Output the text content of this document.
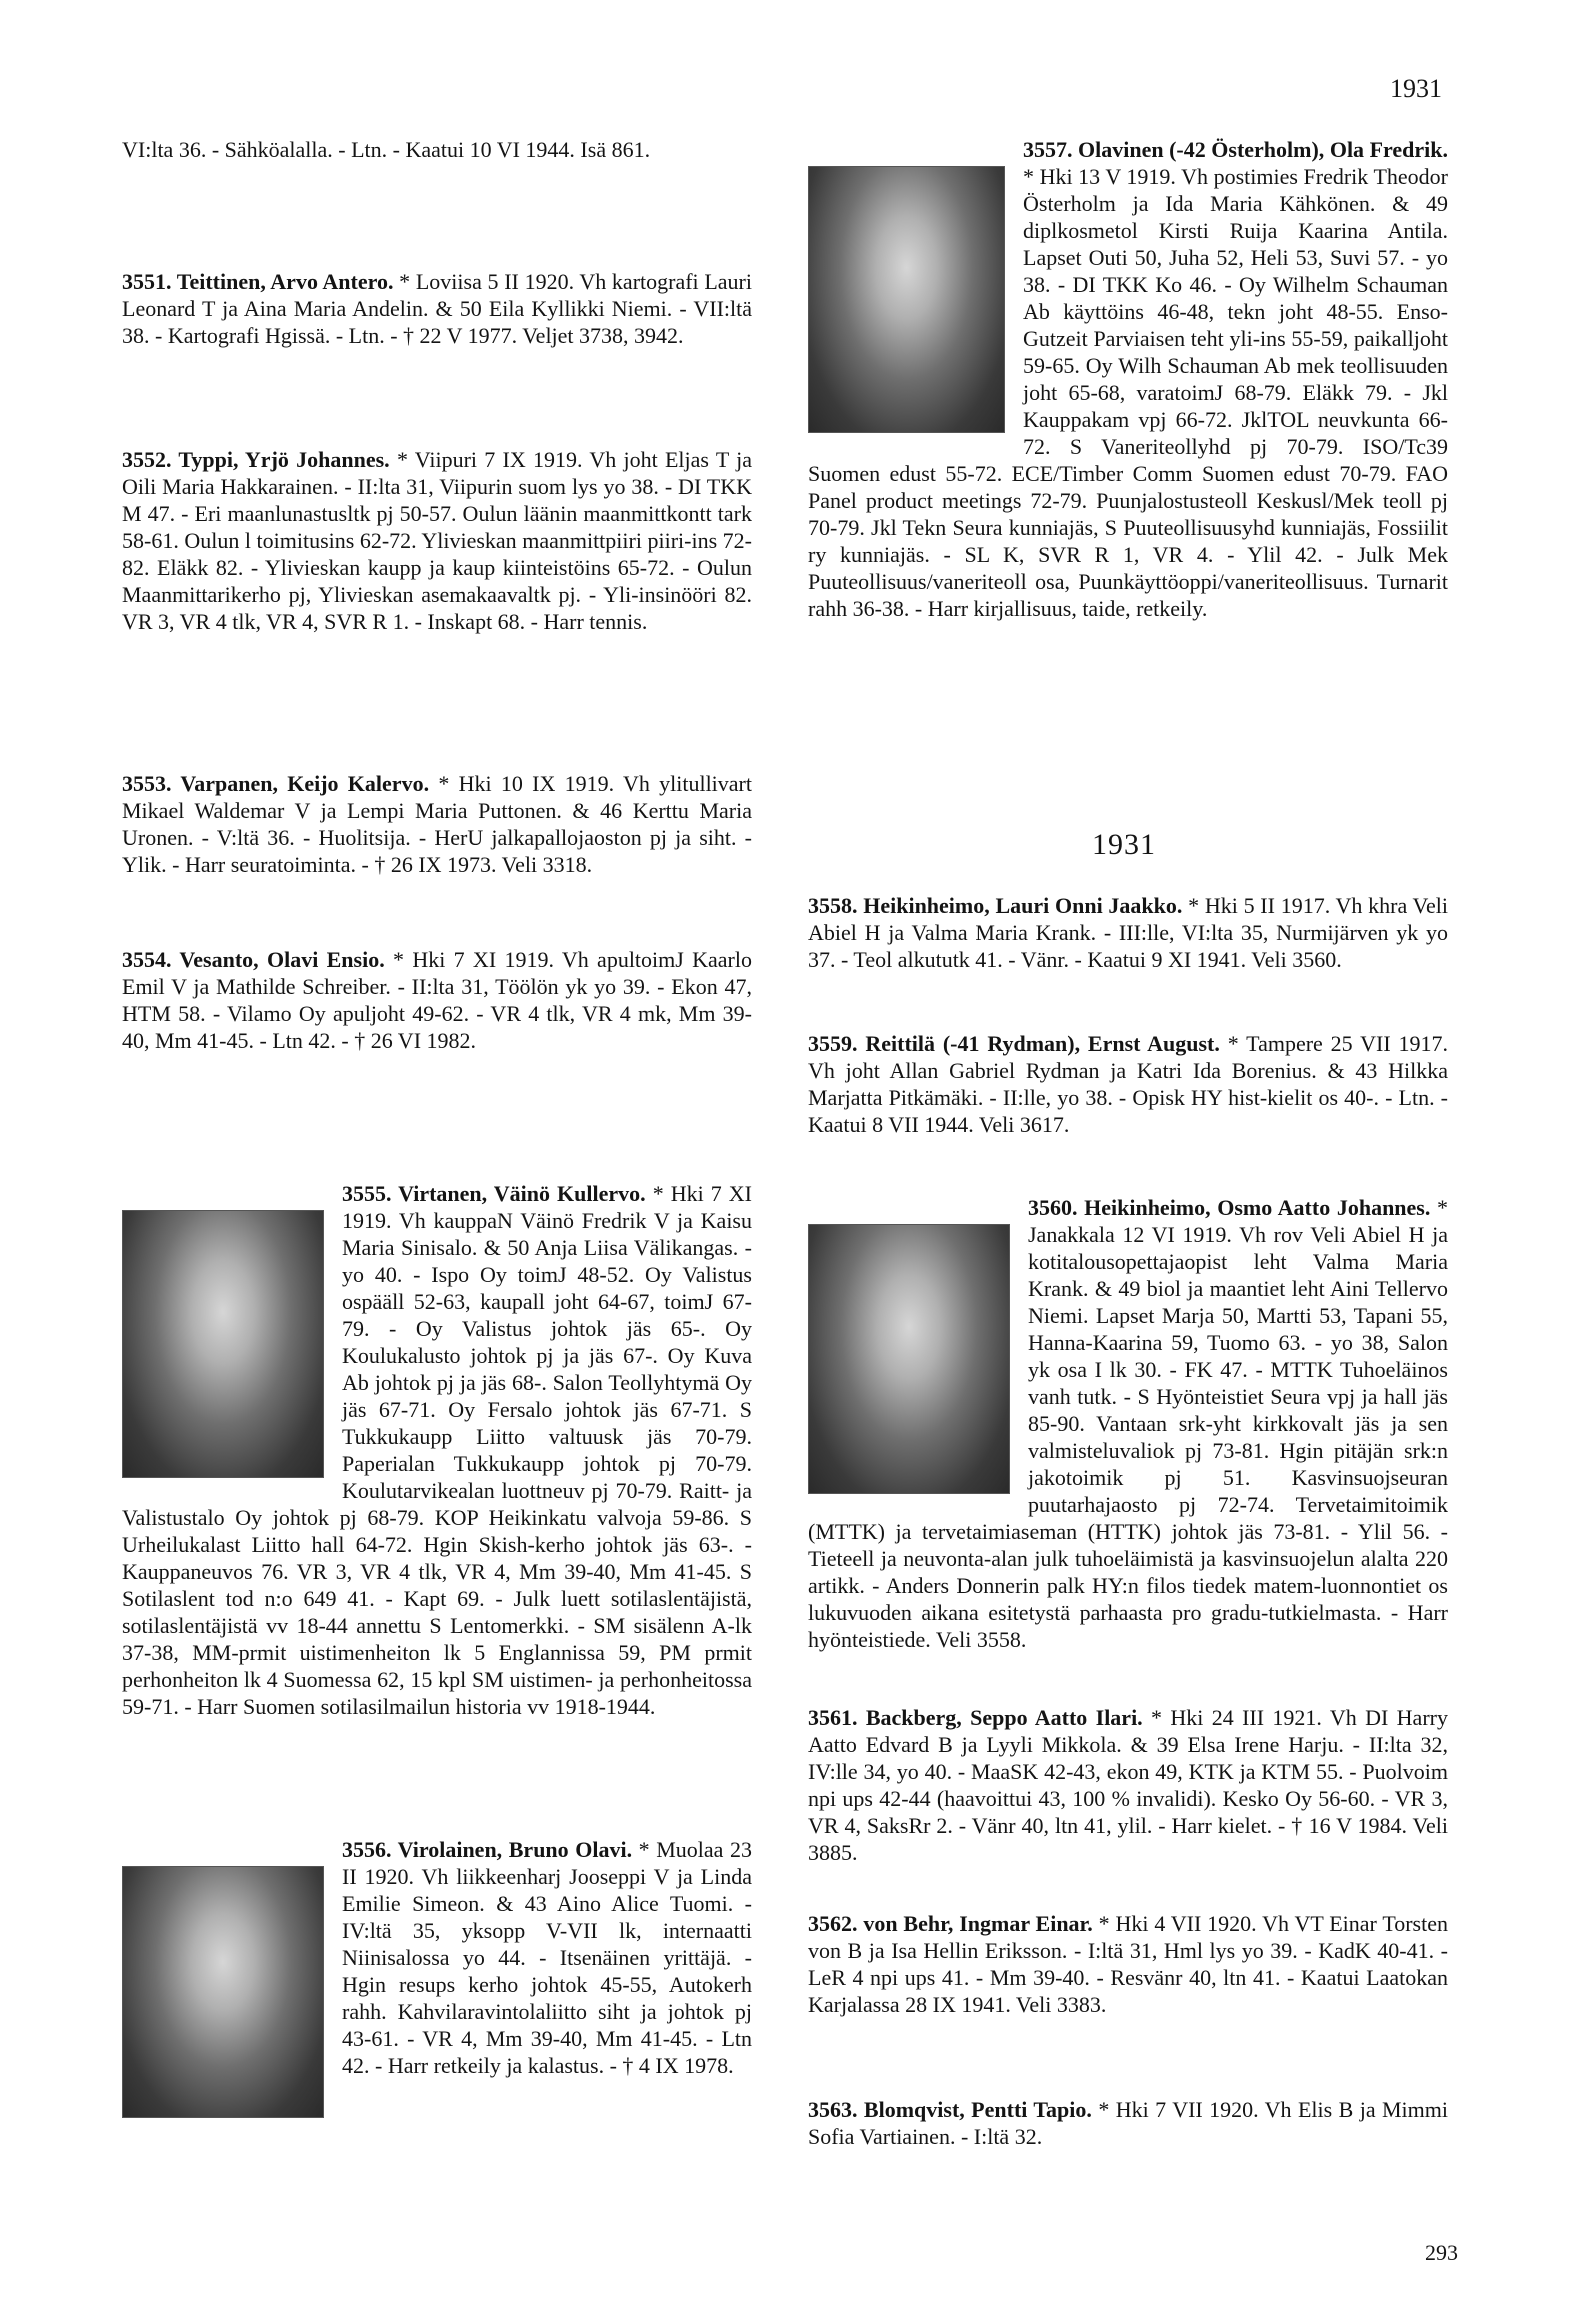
1931

VI:lta 36. - Sähköalalla. - Ltn. - Kaatui 10 VI 1944. Isä 861.

3551. Teittinen, Arvo Antero. * Loviisa 5 II 1920. Vh kartografi Lauri Leonard T ja Aina Maria Andelin. & 50 Eila Kyllikki Niemi. - VII:ltä 38. - Kartografi Hgissä. - Ltn. - † 22 V 1977. Veljet 3738, 3942.

3552. Typpi, Yrjö Johannes. * Viipuri 7 IX 1919. Vh joht Eljas T ja Oili Maria Hakkarainen. - II:lta 31, Viipurin suom lys yo 38. - DI TKK M 47. - Eri maanlunastusltk pj 50-57. Oulun läänin maanmittkontt tark 58-61. Oulun l toimitusins 62-72. Ylivieskan maanmittpiiri piiri-ins 72-82. Eläkk 82. - Ylivieskan kaupp ja kaup kiinteistöins 65-72. - Oulun Maanmittarikerho pj, Ylivieskan asemakaavaltk pj. - Yli-insinööri 82. VR 3, VR 4 tlk, VR 4, SVR R 1. - Inskapt 68. - Harr tennis.

3553. Varpanen, Keijo Kalervo. * Hki 10 IX 1919. Vh ylitullivart Mikael Waldemar V ja Lempi Maria Puttonen. & 46 Kerttu Maria Uronen. - V:ltä 36. - Huolitsija. - HerU jalkapallojaoston pj ja siht. - Ylik. - Harr seuratoiminta. - † 26 IX 1973. Veli 3318.

3554. Vesanto, Olavi Ensio. * Hki 7 XI 1919. Vh apultoimJ Kaarlo Emil V ja Mathilde Schreiber. - II:lta 31, Töölön yk yo 39. - Ekon 47, HTM 58. - Vilamo Oy apuljoht 49-62. - VR 4 tlk, VR 4 mk, Mm 39-40, Mm 41-45. - Ltn 42. - † 26 VI 1982.

3555. Virtanen, Väinö Kullervo. * Hki 7 XI 1919. Vh kauppaN Väinö Fredrik V ja Kaisu Maria Sinisalo. & 50 Anja Liisa Välikangas. - yo 40. - Ispo Oy toimJ 48-52. Oy Valistus ospääll 52-63, kaupall joht 64-67, toimJ 67-79. - Oy Valistus johtok jäs 65-. Oy Koulukalusto johtok pj ja jäs 67-. Oy Kuva Ab johtok pj ja jäs 68-. Salon Teollyhtymä Oy jäs 67-71. Oy Fersalo johtok jäs 67-71. S Tukkukaupp Liitto valtuusk jäs 70-79. Paperialan Tukkukaupp johtok pj 70-79. Koulutarvikealan luottneuv pj 70-79. Raitt- ja Valistustalo Oy johtok pj 68-79. KOP Heikinkatu valvoja 59-86. S Urheilukalast Liitto hall 64-72. Hgin Skish-kerho johtok jäs 63-. - Kauppaneuvos 76. VR 3, VR 4 tlk, VR 4, Mm 39-40, Mm 41-45. S Sotilaslent tod n:o 649 41. - Kapt 69. - Julk luett sotilaslentäjistä, sotilaslentäjistä vv 18-44 annettu S Lentomerkki. - SM sisälenn A-lk 37-38, MM-prmit uistimenheiton lk 5 Englannissa 59, PM prmit perhonheiton lk 4 Suomessa 62, 15 kpl SM uistimen- ja perhonheitossa 59-71. - Harr Suomen sotilasilmailun historia vv 1918-1944.

3556. Virolainen, Bruno Olavi. * Muolaa 23 II 1920. Vh liikkeenharj Jooseppi V ja Linda Emilie Simeon. & 43 Aino Alice Tuomi. - IV:ltä 35, yksopp V-VII lk, internaatti Niinisalossa yo 44. - Itsenäinen yrittäjä. - Hgin resups kerho johtok 45-55, Autokerh rahh. Kahvilaravintolaliitto siht ja johtok pj 43-61. - VR 4, Mm 39-40, Mm 41-45. - Ltn 42. - Harr retkeily ja kalastus. - † 4 IX 1978.

3557. Olavinen (-42 Österholm), Ola Fredrik. * Hki 13 V 1919. Vh postimies Fredrik Theodor Österholm ja Ida Maria Kähkönen. & 49 diplkosmetol Kirsti Ruija Kaarina Antila. Lapset Outi 50, Juha 52, Heli 53, Suvi 57. - yo 38. - DI TKK Ko 46. - Oy Wilhelm Schauman Ab käyttöins 46-48, tekn joht 48-55. Enso-Gutzeit Parviaisen teht yli-ins 55-59, paikalljoht 59-65. Oy Wilh Schauman Ab mek teollisuuden joht 65-68, varatoimJ 68-79. Eläkk 79. - Jkl Kauppakam vpj 66-72. JklTOL neuvkunta 66-72. S Vaneriteollyhd pj 70-79. ISO/Tc39 Suomen edust 55-72. ECE/Timber Comm Suomen edust 70-79. FAO Panel product meetings 72-79. Puunjalostusteoll Keskusl/Mek teoll pj 70-79. Jkl Tekn Seura kunniajäs, S Puuteollisuusyhd kunniajäs, Fossiilit ry kunniajäs. - SL K, SVR R 1, VR 4. - Ylil 42. - Julk Mek Puuteollisuus/vaneriteoll osa, Puunkäyttöoppi/vaneriteollisuus. Turnarit rahh 36-38. - Harr kirjallisuus, taide, retkeily.

1931

3558. Heikinheimo, Lauri Onni Jaakko. * Hki 5 II 1917. Vh khra Veli Abiel H ja Valma Maria Krank. - III:lle, VI:lta 35, Nurmijärven yk yo 37. - Teol alkututk 41. - Vänr. - Kaatui 9 XI 1941. Veli 3560.

3559. Reittilä (-41 Rydman), Ernst August. * Tampere 25 VII 1917. Vh joht Allan Gabriel Rydman ja Katri Ida Borenius. & 43 Hilkka Marjatta Pitkämäki. - II:lle, yo 38. - Opisk HY hist-kielit os 40-. - Ltn. - Kaatui 8 VII 1944. Veli 3617.

3560. Heikinheimo, Osmo Aatto Johannes. * Janakkala 12 VI 1919. Vh rov Veli Abiel H ja kotitalousopettajaopist leht Valma Maria Krank. & 49 biol ja maantiet leht Aini Tellervo Niemi. Lapset Marja 50, Martti 53, Tapani 55, Hanna-Kaarina 59, Tuomo 63. - yo 38, Salon yk osa I lk 30. - FK 47. - MTTK Tuhoeläinos vanh tutk. - S Hyönteistiet Seura vpj ja hall jäs 85-90. Vantaan srk-yht kirkkovalt jäs ja sen valmisteluvaliok pj 73-81. Hgin pitäjän srk:n jakotoimik pj 51. Kasvinsuojseuran puutarhajaosto pj 72-74. Tervetaimitoimik (MTTK) ja tervetaimiaseman (HTTK) johtok jäs 73-81. - Ylil 56. - Tieteell ja neuvonta-alan julk tuhoeläimistä ja kasvinsuojelun alalta 220 artikk. - Anders Donnerin palk HY:n filos tiedek matem-luonnontiet os lukuvuoden aikana esitetystä parhaasta pro gradu-tutkielmasta. - Harr hyönteistiede. Veli 3558.

3561. Backberg, Seppo Aatto Ilari. * Hki 24 III 1921. Vh DI Harry Aatto Edvard B ja Lyyli Mikkola. & 39 Elsa Irene Harju. - II:lta 32, IV:lle 34, yo 40. - MaaSK 42-43, ekon 49, KTK ja KTM 55. - Puolvoim npi ups 42-44 (haavoittui 43, 100 % invalidi). Kesko Oy 56-60. - VR 3, VR 4, SaksRr 2. - Vänr 40, ltn 41, ylil. - Harr kielet. - † 16 V 1984. Veli 3885.

3562. von Behr, Ingmar Einar. * Hki 4 VII 1920. Vh VT Einar Torsten von B ja Isa Hellin Eriksson. - I:ltä 31, Hml lys yo 39. - KadK 40-41. - LeR 4 npi ups 41. - Mm 39-40. - Resvänr 40, ltn 41. - Kaatui Laatokan Karjalassa 28 IX 1941. Veli 3383.

3563. Blomqvist, Pentti Tapio. * Hki 7 VII 1920. Vh Elis B ja Mimmi Sofia Vartiainen. - I:ltä 32.

293
